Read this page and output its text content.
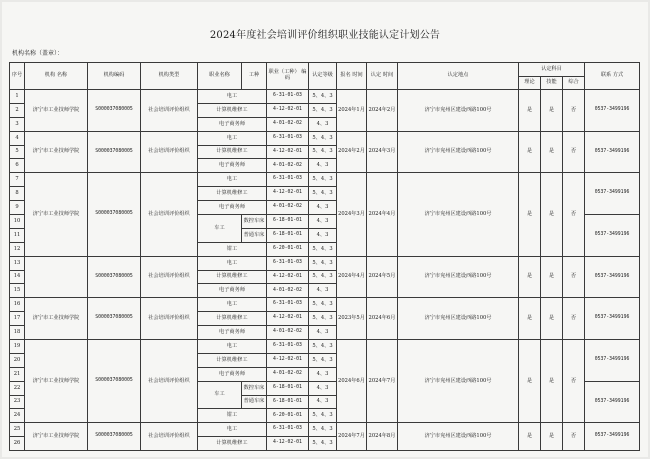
2024年度社会培训评价组织职业技能认定计划公告
机构名称（盖章）：
序号	机构 名称	机构编码	机构类型	职业名称	工种	职业（工种） 编码	认定等级	报名 时间	认定 时间	认定地点	认定科目			联系 方式
											理论	技能	综合	
1	济宁市工业技师学院	S000037080005	社会培训评价组织	电工		6-31-01-03	5、4、3	2024年1月	2024年2月	济宁市兖州区建设西路100号	是	是	否	0537-3499196
2				计算机维修工		4-12-02-01	5、4、3							
3				电子商务师		4-01-02-02	4、3							
4	济宁市工业技师学院	S000037080005	社会培训评价组织	电工		6-31-01-03	5、4、3	2024年2月	2024年3月	济宁市兖州区建设西路100号	是	是	否	0537-3499196
5				计算机维修工		4-12-02-01	5、4、3							
6				电子商务师		4-01-02-02	4、3							
7	济宁市工业技师学院	S000037080005	社会培训评价组织	电工		6-31-01-03	5、4、3	2024年3月	2024年4月	济宁市兖州区建设西路100号	是	是	否	0537-3499196
8				计算机维修工		4-12-02-01	5、4、3							
9				电子商务师		4-01-02-02	4、3							
10				车工	数控车床	6-18-01-01	4、3							0537-3499196
11					普通车床	6-18-01-01	4、3							
12				钳工		6-20-01-01	5、4、3							
13		S000037080005	社会培训评价组织	电工		6-31-01-03	5、4、3	2024年4月	2024年5月	济宁市兖州区建设西路100号	是	是	否	0537-3499196
14				计算机维修工		4-12-02-01	5、4、3							
15				电子商务师		4-01-02-02	4、3							
16	济宁市工业技师学院	S000037080005	社会培训评价组织	电工		6-31-01-03	5、4、3	2023年5月	2024年6月	济宁市兖州区建设西路100号	是	是	否	0537-3499196
17				计算机维修工		4-12-02-01	5、4、3							
18				电子商务师		4-01-02-02	4、3							
19	济宁市工业技师学院	S000037080005	社会培训评价组织	电工		6-31-01-03	5、4、3	2024年6月	2024年7月	济宁市兖州区建设西路100号	是	是	否	0537-3499196
20				计算机维修工		4-12-02-01	5、4、3							
21				电子商务师		4-01-02-02	4、3							
22				车工	数控车床	6-18-01-01	4、3							0537-3499196
23					普通车床	6-18-01-01	4、3							
24				钳工		6-20-01-01	5、4、3							
25	济宁市工业技师学院	S000037080005	社会培训评价组织	电工		6-31-01-03	5、4、3	2024年7月	2024年8月	济宁市兖州区建设西路100号	是	是	否	0537-3499196
26				计算机维修工		4-12-02-01	5、4、3							
